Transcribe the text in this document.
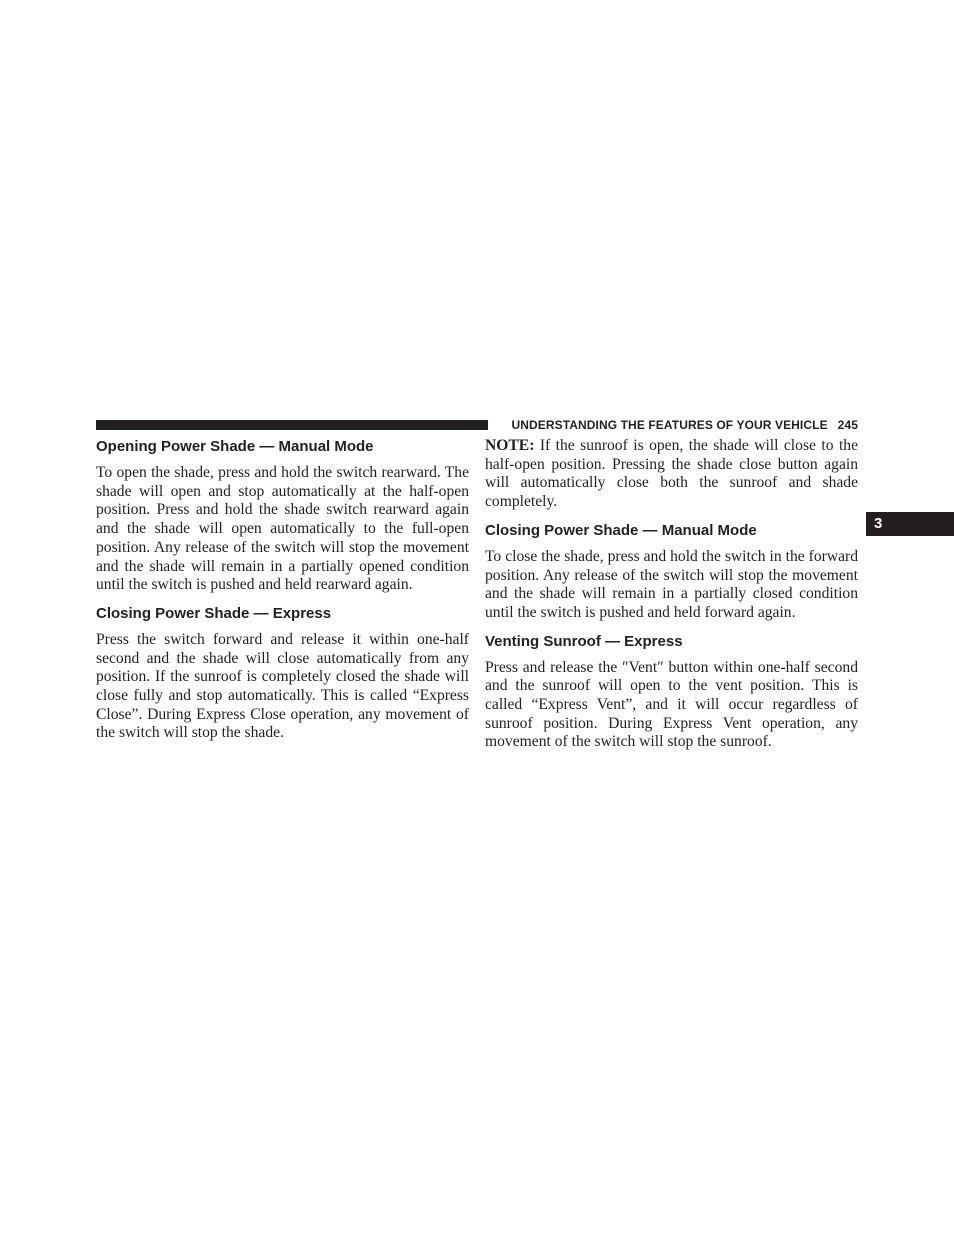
UNDERSTANDING THE FEATURES OF YOUR VEHICLE 245
3
Opening Power Shade — Manual Mode

To open the shade, press and hold the switch rearward. The shade will open and stop automatically at the half-open position. Press and hold the shade switch rearward again and the shade will open automatically to the full-open position. Any release of the switch will stop the movement and the shade will remain in a partially opened condition until the switch is pushed and held rearward again.

Closing Power Shade — Express

Press the switch forward and release it within one-half second and the shade will close automatically from any position. If the sunroof is completely closed the shade will close fully and stop automatically. This is called “Express Close”. During Express Close operation, any movement of the switch will stop the shade.

NOTE: If the sunroof is open, the shade will close to the half-open position. Pressing the shade close button again will automatically close both the sunroof and shade completely.

Closing Power Shade — Manual Mode

To close the shade, press and hold the switch in the forward position. Any release of the switch will stop the movement and the shade will remain in a partially closed condition until the switch is pushed and held forward again.

Venting Sunroof — Express

Press and release the ″Vent″ button within one-half second and the sunroof will open to the vent position. This is called “Express Vent”, and it will occur regardless of sunroof position. During Express Vent operation, any movement of the switch will stop the sunroof.
